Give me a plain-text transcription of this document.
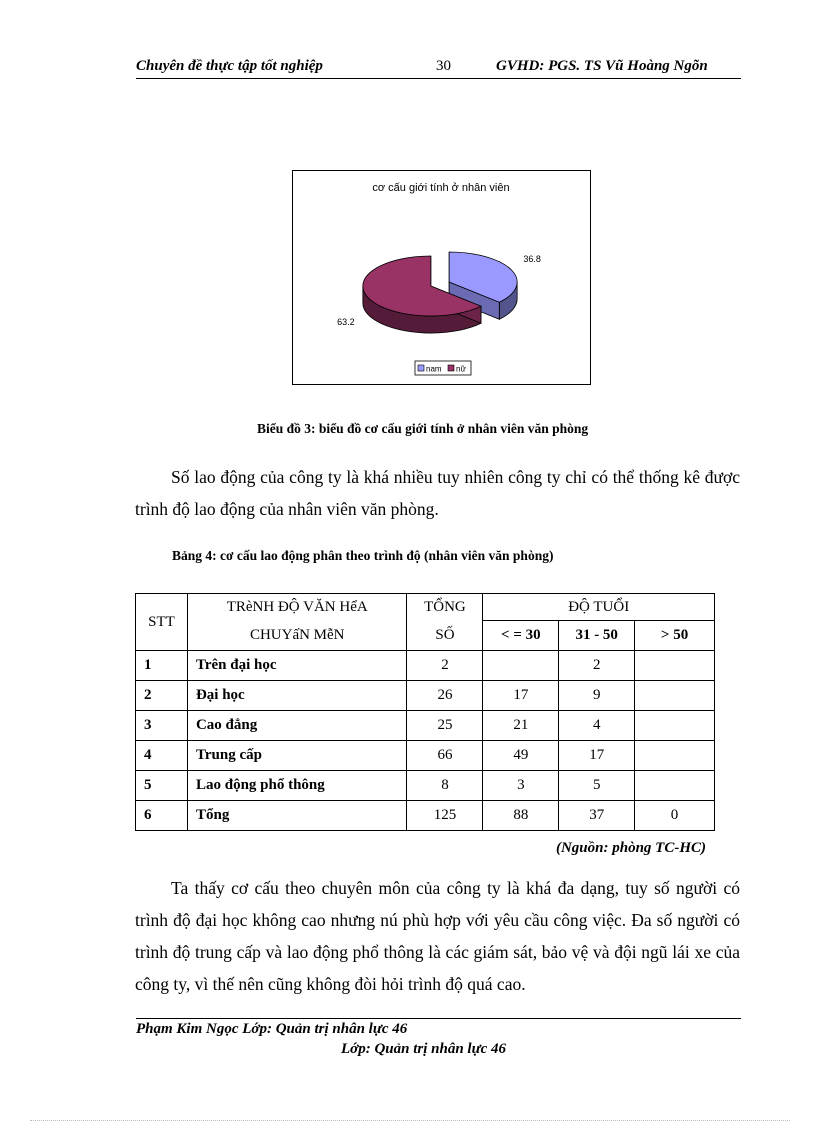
Chuyên đề thực tập tốt nghiệp	30	GVHD: PGS. TS Vũ Hoàng Ngõn
cơ cấu giới tính ở nhân viên
36.8
63.2
nam nữ
Biểu đồ 3: biểu đồ cơ cấu giới tính ở nhân viên văn phòng
Số lao động của công ty là khá nhiều tuy nhiên công ty chỉ có thể thống kê được trình độ lao động của nhân viên văn phòng.
Bảng 4: cơ cấu lao động phân theo trình độ (nhân viên văn phòng)
STT	TRèNH ĐỘ VĂN HểA	TỔNG	ĐỘ TUỔI		
	CHUYấN MễN	SỐ	< = 30	31 - 50	> 50
1	Trên đại học	2		2	
2	Đại học	26	17	9	
3	Cao đẳng	25	21	4	
4	Trung cấp	66	49	17	
5	Lao động phổ thông	8	3	5	
6	Tổng	125	88	37	0
(Nguồn: phòng TC-HC)
Ta thấy cơ cấu theo chuyên môn của công ty là khá đa dạng, tuy số người có trình độ đại học không cao nhưng nú phù hợp với yêu cầu công việc. Đa số người có trình độ trung cấp và lao động phổ thông là các giám sát, bảo vệ và đội ngũ lái xe của công ty, vì thế nên cũng không đòi hỏi trình độ quá cao.
Phạm Kim Ngọc Lớp: Quản trị nhân lực 46
Lớp: Quản trị nhân lực 46
